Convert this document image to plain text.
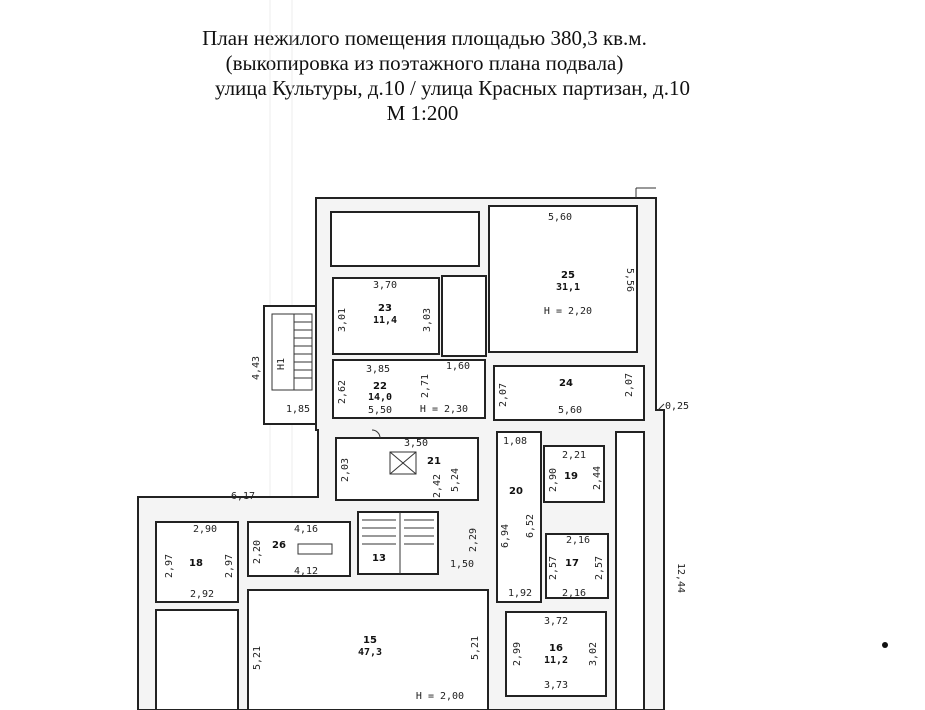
План нежилого помещения площадью 380,3 кв.м.
(выкопировка из поэтажного плана подвала)
улица Культуры, д.10 / улица Красных партизан, д.10
М 1:200
25
31,1
H = 2,20
23
11,4
22
14,0
H = 2,30
24
21
20
19
18
26
13	17
15
47,3
H = 2,00
16
11,2
Н1
5,60
5,56
3,70
3,01	3,03
3,85	1,60
2,62	2,71
5,50
2,07	2,07
5,60
4,43
1,85	0,25
3,50
2,03
2,42 5,24
1,08
6,94 6,52
1,92
2,21
2,90	2,44
6,17
2,90
2,97	2,97
2,92
4,16
2,20
4,12
2,29
1,50
2,16
2,57	2,57
2,16
12,44
5,21	5,21
3,72
2,99	3,02
3,73
